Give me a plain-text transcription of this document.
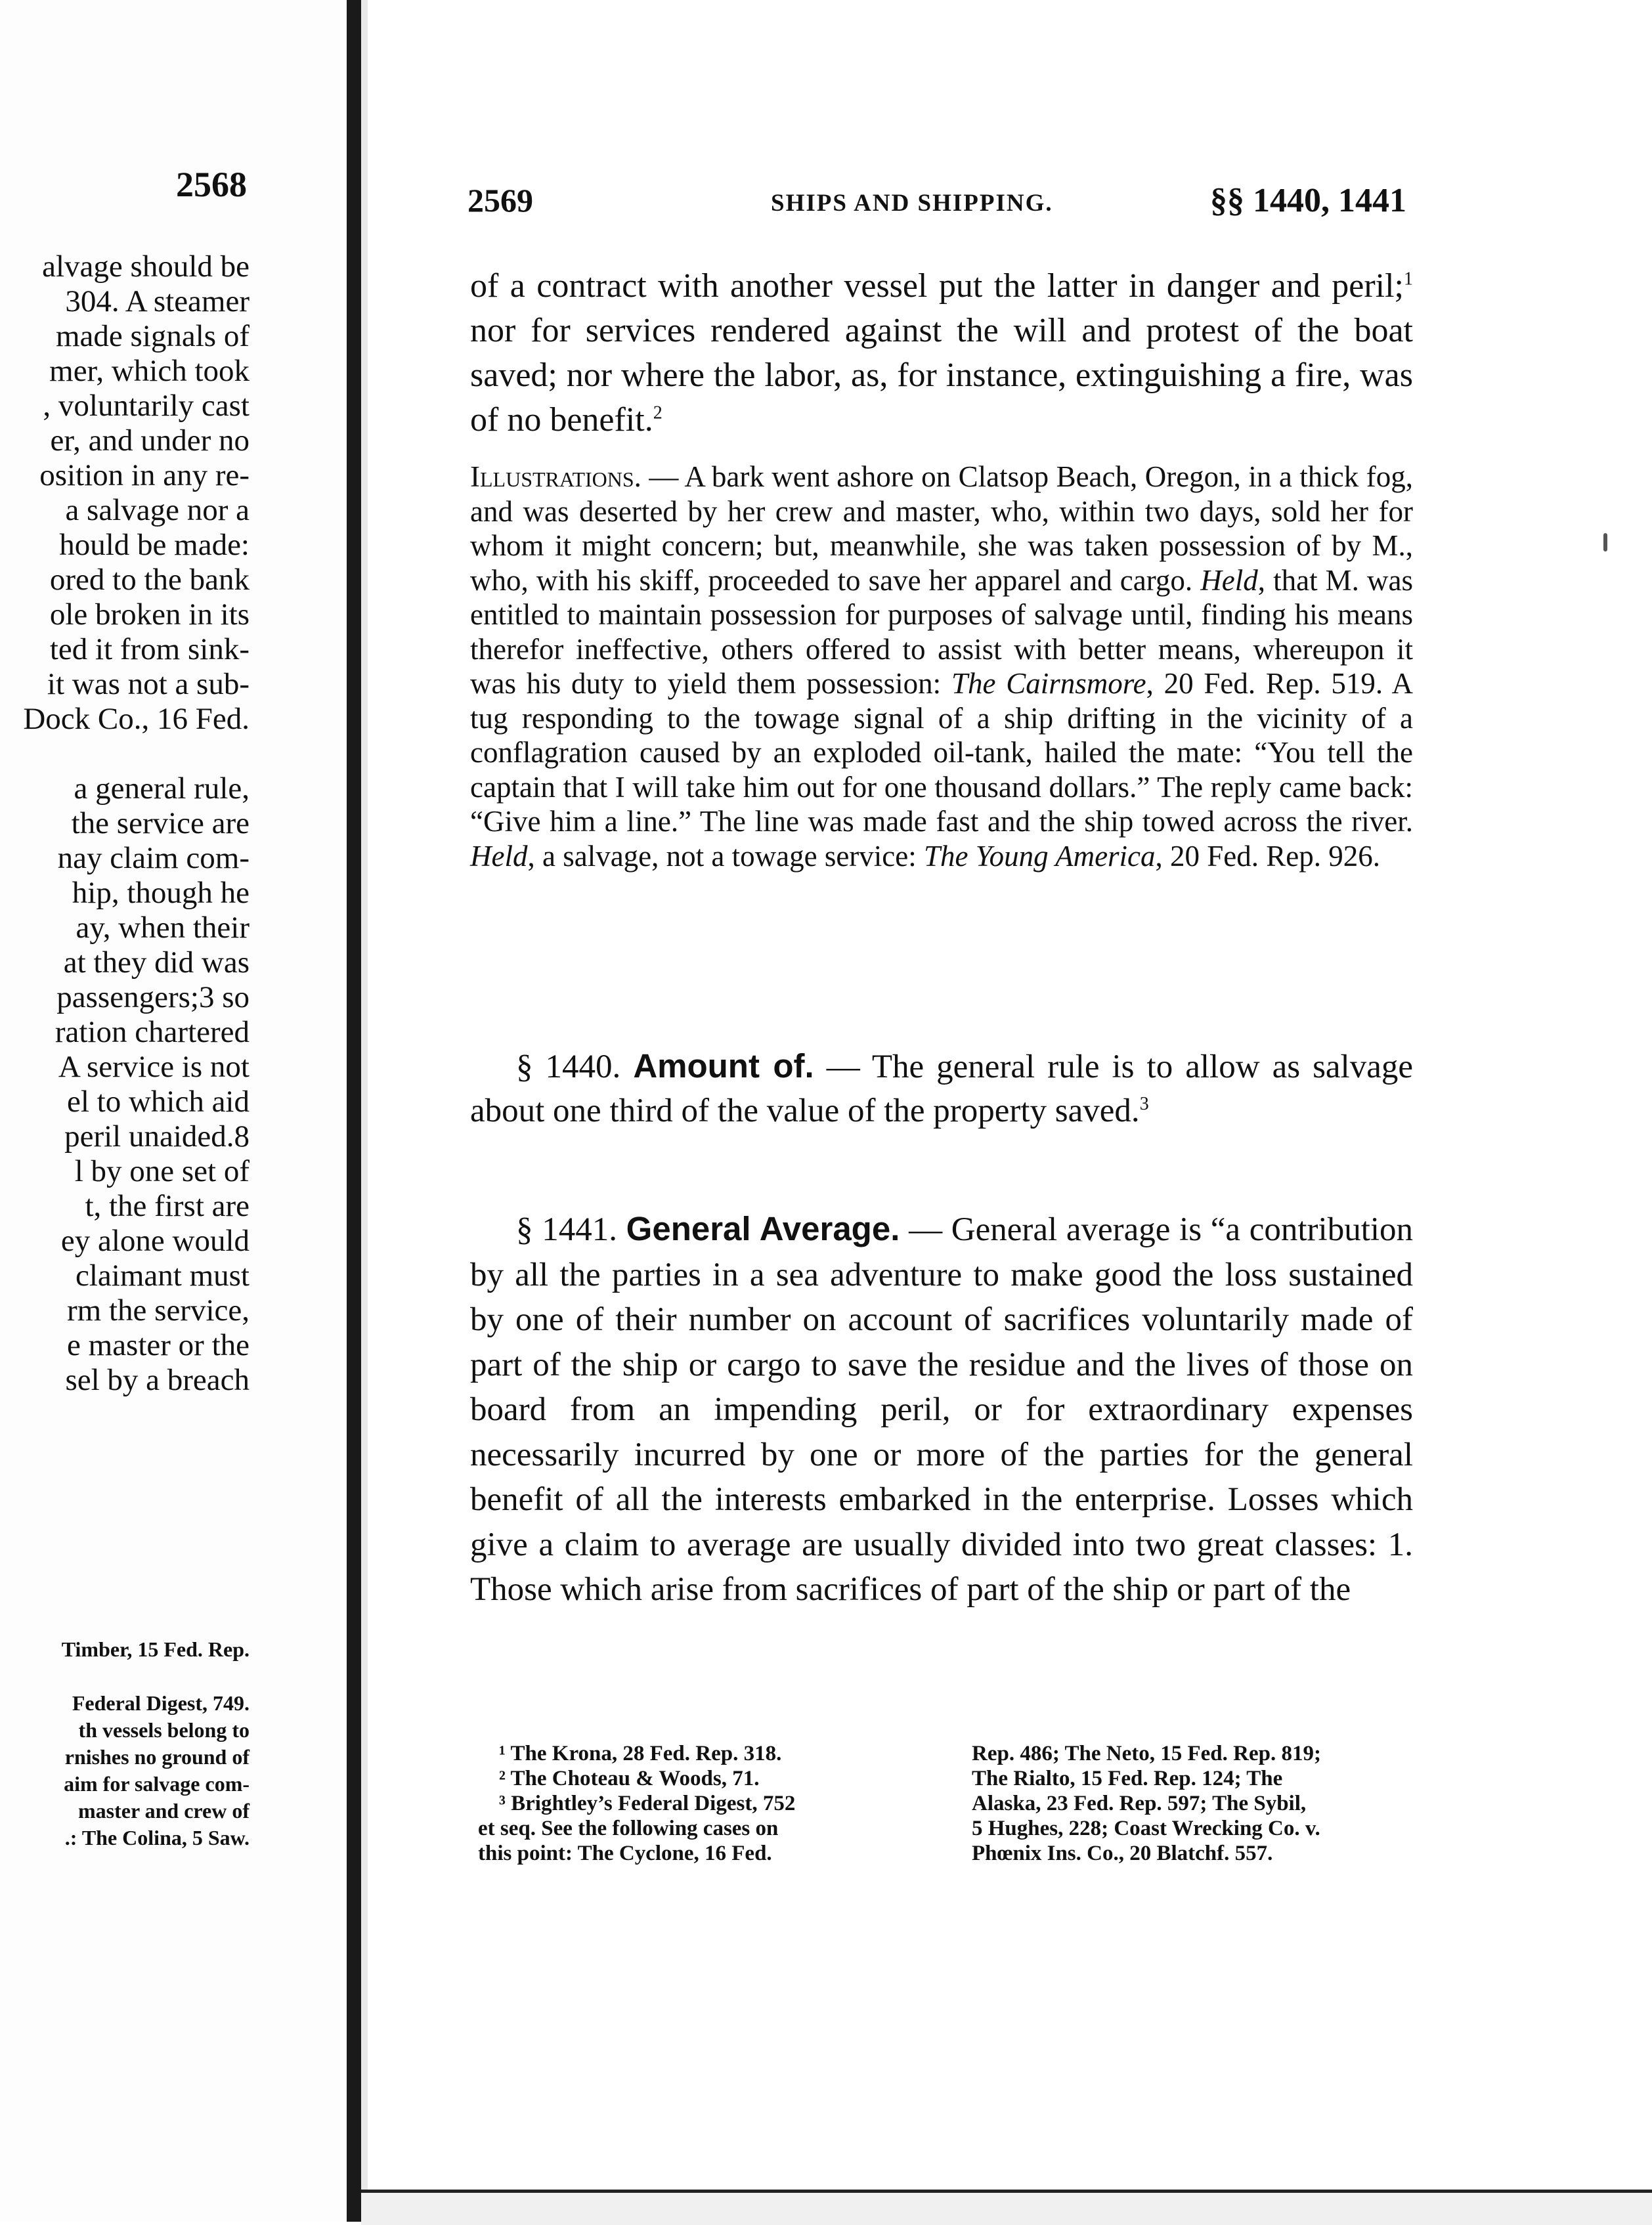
2568
alvage should be
304. A steamer
made signals of
mer, which took
, voluntarily cast
er, and under no
osition in any re-
a salvage nor a
hould be made:
ored to the bank
ole broken in its
ted it from sink-
it was not a sub-
Dock Co., 16 Fed.

a general rule,
the service are
nay claim com-
hip, though he
ay, when their
at they did was
passengers;3 so
ration chartered
A service is not
el to which aid
peril unaided.8
l by one set of
t, the first are
ey alone would
claimant must
rm the service,
e master or the
sel by a breach
Timber, 15 Fed. Rep.

Federal Digest, 749.
th vessels belong to
rnishes no ground of
aim for salvage com-
master and crew of
.: The Colina, 5 Saw.
2569	SHIPS AND SHIPPING.	§§ 1440, 1441
of a contract with another vessel put the latter in danger and peril;$^1$ nor for services rendered against the will and protest of the boat saved; nor where the labor, as, for instance, extinguishing a fire, was of no benefit.$^2$
Illustrations. — A bark went ashore on Clatsop Beach, Oregon, in a thick fog, and was deserted by her crew and master, who, within two days, sold her for whom it might concern; but, meanwhile, she was taken possession of by M., who, with his skiff, proceeded to save her apparel and cargo. Held, that M. was entitled to maintain possession for purposes of salvage until, finding his means therefor ineffective, others offered to assist with better means, whereupon it was his duty to yield them possession: The Cairnsmore, 20 Fed. Rep. 519. A tug responding to the towage signal of a ship drifting in the vicinity of a conflagration caused by an exploded oil-tank, hailed the mate: “You tell the captain that I will take him out for one thousand dollars.” The reply came back: “Give him a line.” The line was made fast and the ship towed across the river. Held, a salvage, not a towage service: The Young America, 20 Fed. Rep. 926.
§ 1440. Amount of. — The general rule is to allow as salvage about one third of the value of the property saved.$^3$
§ 1441. General Average. — General average is “a contribution by all the parties in a sea adventure to make good the loss sustained by one of their number on account of sacrifices voluntarily made of part of the ship or cargo to save the residue and the lives of those on board from an impending peril, or for extraordinary expenses necessarily incurred by one or more of the parties for the general benefit of all the interests embarked in the enterprise. Losses which give a claim to average are usually divided into two great classes: 1. Those which arise from sacrifices of part of the ship or part of the
¹ The Krona, 28 Fed. Rep. 318.
² The Choteau & Woods, 71.
³ Brightley’s Federal Digest, 752
et seq. See the following cases on
this point: The Cyclone, 16 Fed.
Rep. 486; The Neto, 15 Fed. Rep. 819;
The Rialto, 15 Fed. Rep. 124; The
Alaska, 23 Fed. Rep. 597; The Sybil,
5 Hughes, 228; Coast Wrecking Co. v.
Phœnix Ins. Co., 20 Blatchf. 557.
